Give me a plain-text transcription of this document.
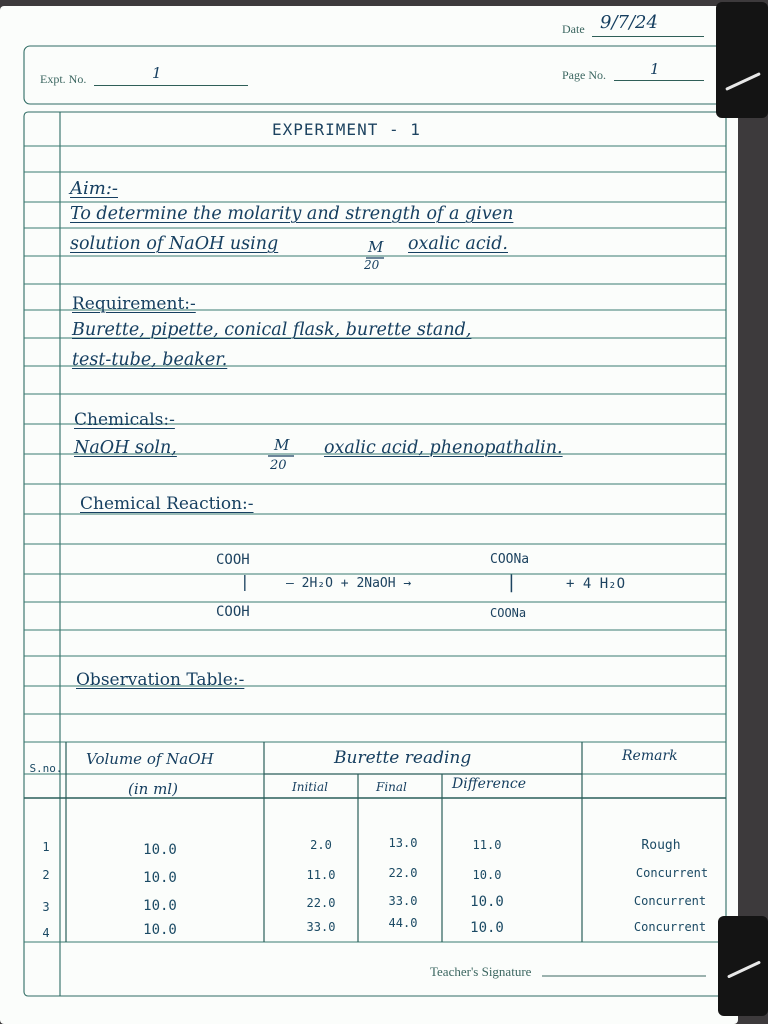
Date 9/7/24
Expt. No.	1	Page No.	1
EXPERIMENT - 1
Aim:-
To determine the molarity and strength of a given
solution of NaOH using	M
20
oxalic acid.
Requirement:-
Burette, pipette, conical flask, burette stand,
test-tube, beaker.
Chemicals:-
NaOH soln,	M
20
oxalic acid, phenopathalin.
Chemical Reaction:-
COOH
|
COOH
— 2H₂O + 2NaOH →
COONa
|
COONa
+ 4 H₂O
Observation Table:-
S.no.
Volume of NaOH
(in ml)
Burette reading
Initial	Final	Difference
Remark
1	10.0	2.0	13.0	11.0	Rough
2	10.0	11.0	22.0	10.0	Concurrent
3	10.0	22.0	33.0	10.0	Concurrent
4	10.0	33.0	44.0	10.0	Concurrent
Teacher's Signature
